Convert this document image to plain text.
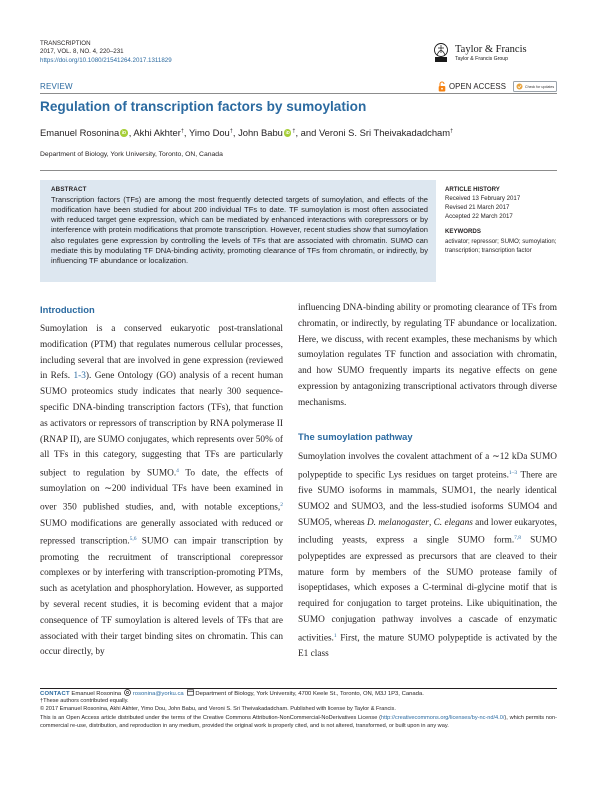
TRANSCRIPTION
2017, VOL. 8, NO. 4, 220–231
https://doi.org/10.1080/21541264.2017.1311829
Taylor & Francis
Taylor & Francis Group
REVIEW	OPEN ACCESS	Check for updates
Regulation of transcription factors by sumoylation
Emanuel Rosonina iD , Akhi Akhter†, Yimo Dou†, John Babu iD †, and Veroni S. Sri Theivakadadcham†
Department of Biology, York University, Toronto, ON, Canada
ABSTRACT
Transcription factors (TFs) are among the most frequently detected targets of sumoylation, and effects of the modification have been studied for about 200 individual TFs to date. TF sumoylation is most often associated with reduced target gene expression, which can be mediated by enhanced interactions with corepressors or by interference with protein modifications that promote transcription. However, recent studies show that sumoylation also regulates gene expression by controlling the levels of TFs that are associated with chromatin. SUMO can mediate this by modulating TF DNA-binding activity, promoting clearance of TFs from chromatin, or indirectly, by influencing TF abundance or localization.
ARTICLE HISTORY
Received 13 February 2017
Revised 21 March 2017
Accepted 22 March 2017
KEYWORDS
activator; repressor; SUMO; sumoylation; transcription; transcription factor
Introduction

Sumoylation is a conserved eukaryotic post-translational modification (PTM) that regulates numerous cellular processes, including several that are involved in gene expression (reviewed in Refs. 1-3). Gene Ontology (GO) analysis of a recent human SUMO proteomics study indicates that nearly 300 sequence-specific DNA-binding transcription factors (TFs), that function as activators or repressors of transcription by RNA polymerase II (RNAP II), are SUMO conjugates, which represents over 50% of all TFs in this category, suggesting that TFs are particularly subject to regulation by SUMO.$^4$ To date, the effects of sumoylation on ∼200 individual TFs have been examined in over 350 published studies, and, with notable exceptions,$^2$ SUMO modifications are generally associated with reduced or repressed transcription.$^{5,6}$ SUMO can impair transcription by promoting the recruitment of transcriptional corepressor complexes or by interfering with transcription-promoting PTMs, such as acetylation and phosphorylation. However, as supported by several recent studies, it is becoming evident that a major consequence of TF sumoylation is altered levels of TFs that are associated with their target binding sites on chromatin. This can occur directly, by

influencing DNA-binding ability or promoting clearance of TFs from chromatin, or indirectly, by regulating TF abundance or localization. Here, we discuss, with recent examples, these mechanisms by which sumoylation regulates TF function and association with chromatin, and how SUMO frequently imparts its negative effects on gene expression by antagonizing transcriptional activators through diverse mechanisms.
The sumoylation pathway

Sumoylation involves the covalent attachment of a ∼12 kDa SUMO polypeptide to specific Lys residues on target proteins.$^{1-3}$ There are five SUMO isoforms in mammals, SUMO1, the nearly identical SUMO2 and SUMO3, and the less-studied isoforms SUMO4 and SUMO5, whereas D. melanogaster, C. elegans and lower eukaryotes, including yeasts, express a single SUMO form.$^{7,8}$ SUMO polypeptides are expressed as precursors that are cleaved to their mature form by members of the SUMO protease family of isopeptidases, which exposes a C-terminal di-glycine motif that is required for conjugation to target proteins. Like ubiquitination, the SUMO conjugation pathway involves a cascade of enzymatic activities.$^1$ First, the mature SUMO polypeptide is activated by the E1 class

CONTACT Emanuel Rosonina rosonina@yorku.ca Department of Biology, York University, 4700 Keele St., Toronto, ON, M3J 1P3, Canada.
†These authors contributed equally.
© 2017 Emanuel Rosonina, Akhi Akhter, Yimo Dou, John Babu, and Veroni S. Sri Theivakadadcham. Published with license by Taylor & Francis.
This is an Open Access article distributed under the terms of the Creative Commons Attribution-NonCommercial-NoDerivatives License (http://creativecommons.org/licenses/by-nc-nd/4.0/), which permits non-commercial re-use, distribution, and reproduction in any medium, provided the original work is properly cited, and is not altered, transformed, or built upon in any way.
